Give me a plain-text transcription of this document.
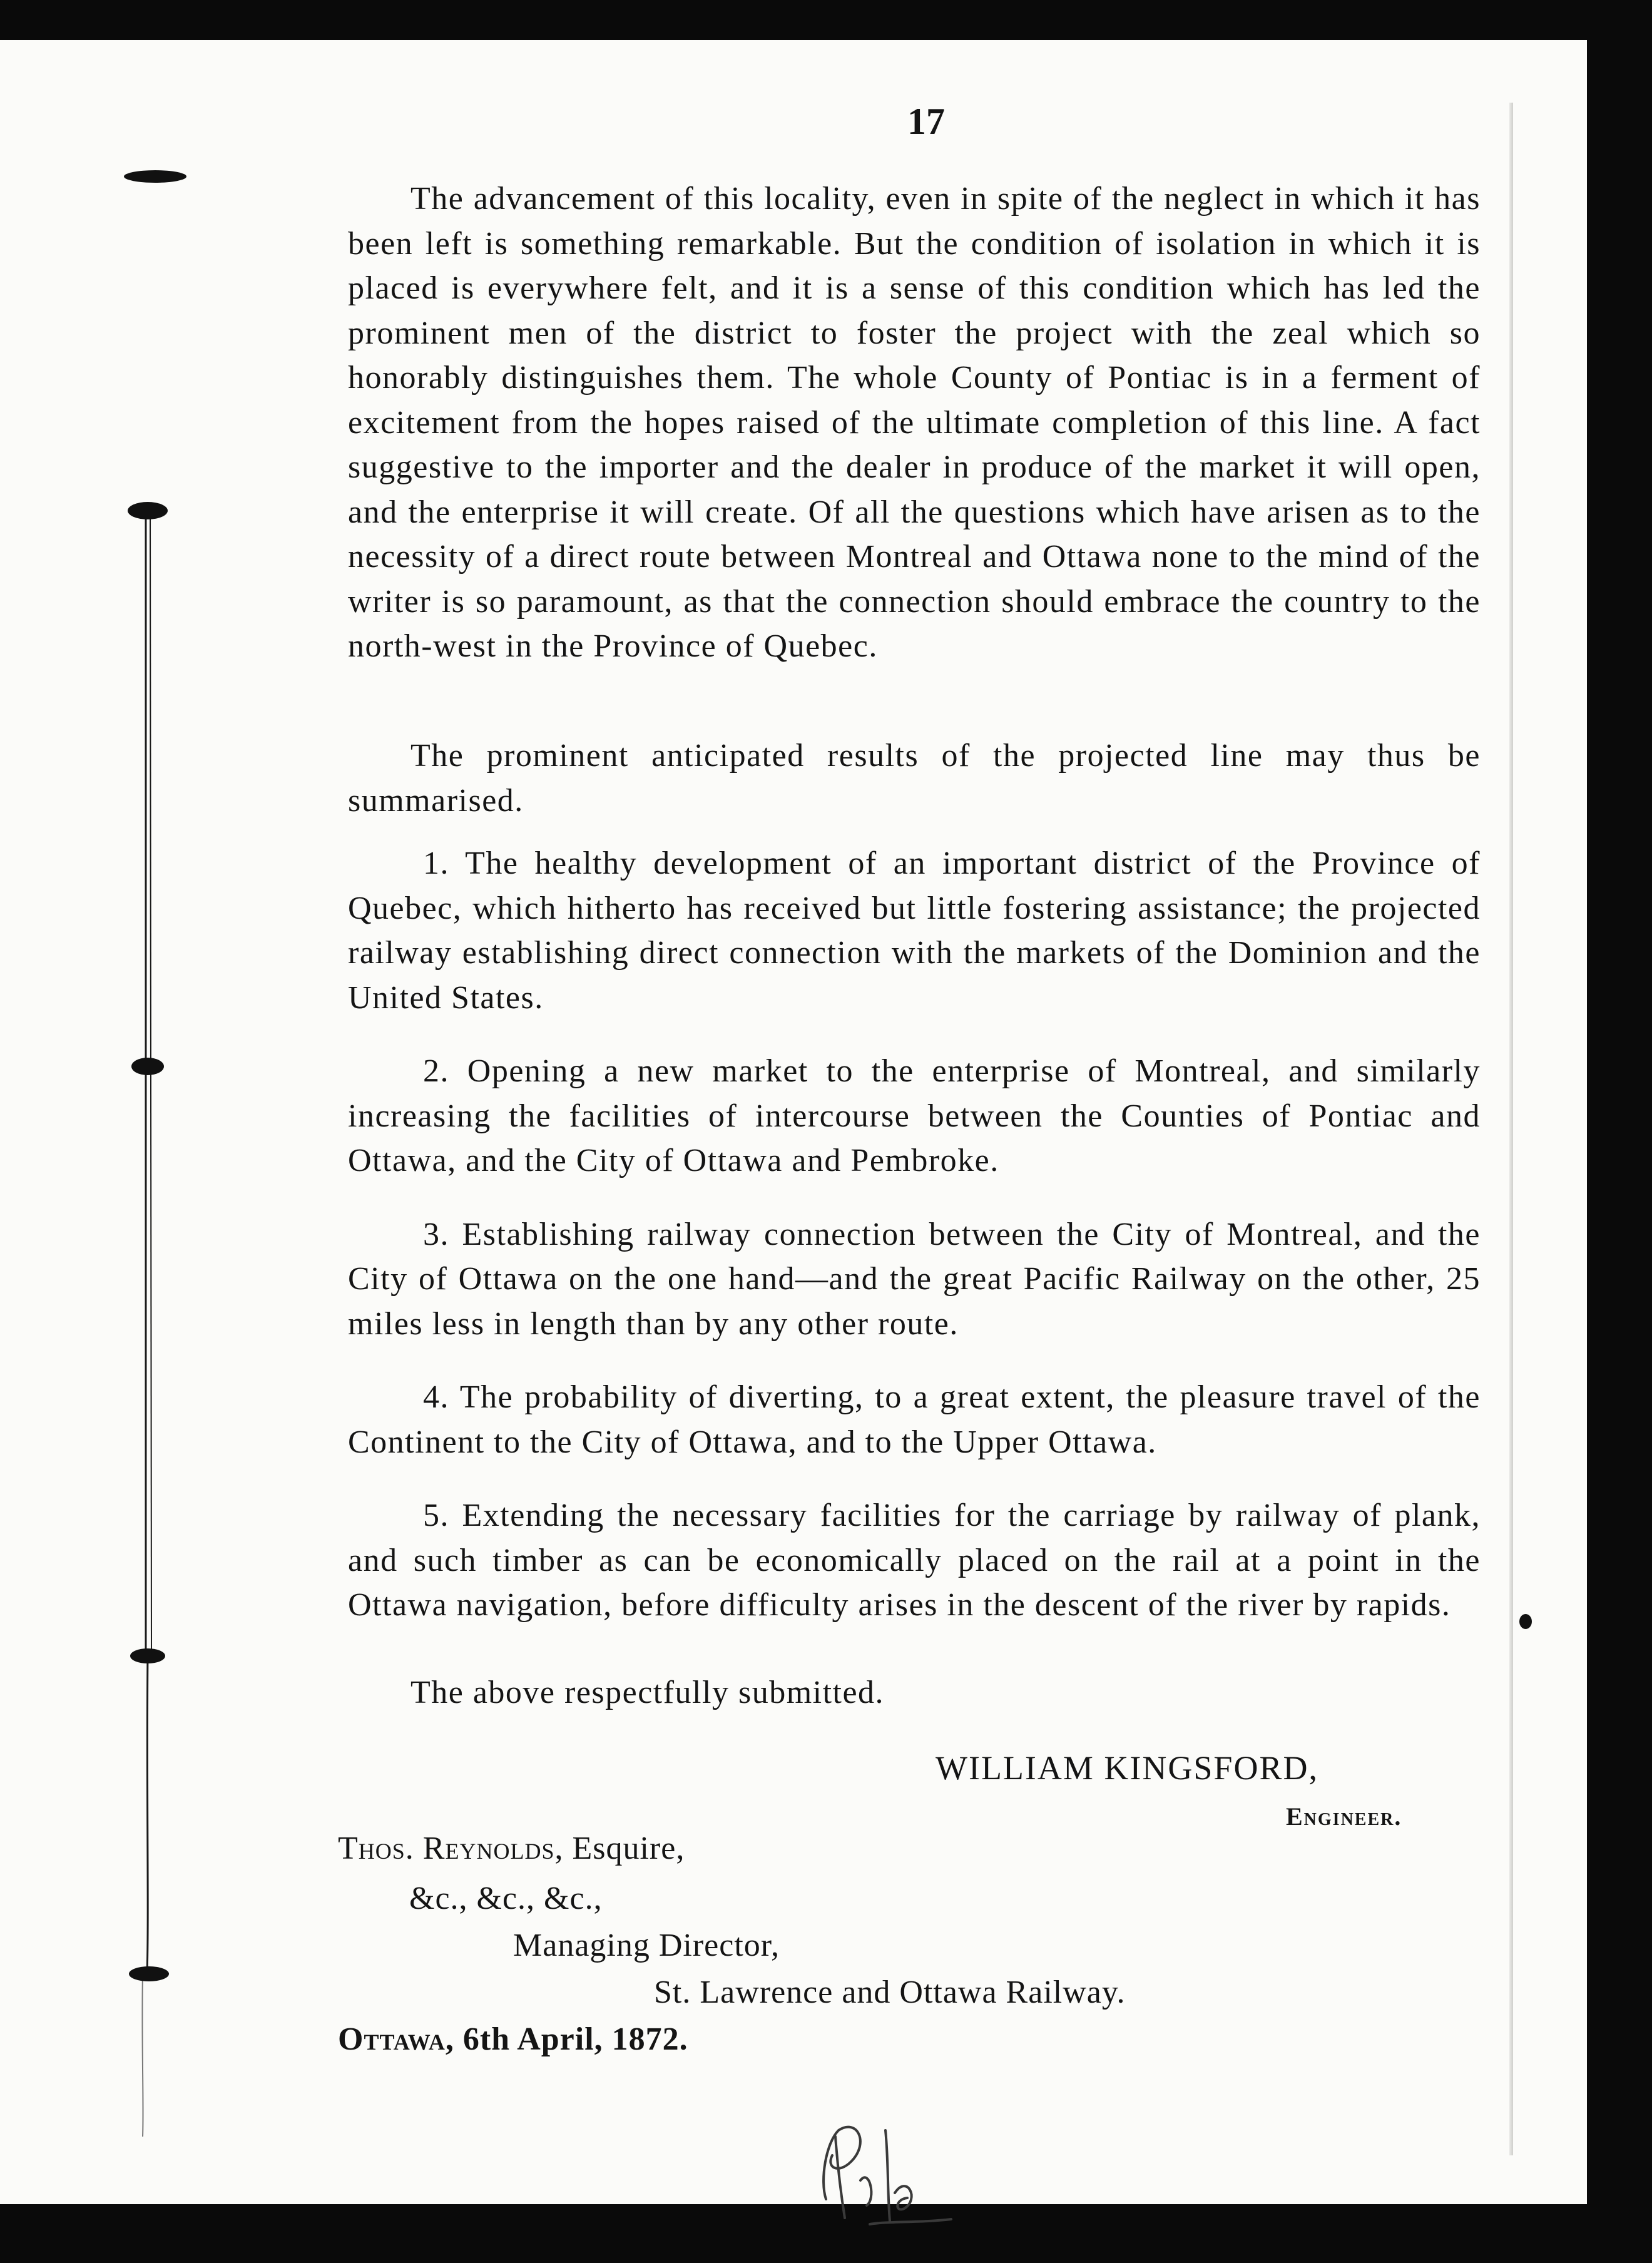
17

The advancement of this locality, even in spite of the neglect in which it has been left is something remarkable. But the condition of isolation in which it is placed is everywhere felt, and it is a sense of this condition which has led the prominent men of the district to foster the project with the zeal which so honorably distinguishes them. The whole County of Pontiac is in a ferment of excitement from the hopes raised of the ultimate completion of this line. A fact suggestive to the importer and the dealer in produce of the market it will open, and the enterprise it will create. Of all the questions which have arisen as to the necessity of a direct route between Montreal and Ottawa none to the mind of the writer is so paramount, as that the connection should embrace the country to the north-west in the Province of Quebec.

The prominent anticipated results of the projected line may thus be summarised.

1. The healthy development of an important district of the Province of Quebec, which hitherto has received but little fostering assistance; the projected railway establishing direct connection with the markets of the Dominion and the United States.
2. Opening a new market to the enterprise of Montreal, and similarly increasing the facilities of intercourse between the Counties of Pontiac and Ottawa, and the City of Ottawa and Pembroke.
3. Establishing railway connection between the City of Montreal, and the City of Ottawa on the one hand—and the great Pacific Railway on the other, 25 miles less in length than by any other route.
4. The probability of diverting, to a great extent, the pleasure travel of the Continent to the City of Ottawa, and to the Upper Ottawa.
5. Extending the necessary facilities for the carriage by railway of plank, and such timber as can be economically placed on the rail at a point in the Ottawa navigation, before difficulty arises in the descent of the river by rapids.

The above respectfully submitted.

WILLIAM KINGSFORD,

Engineer.

Thos. Reynolds, Esquire,

&c., &c., &c.,

Managing Director,

St. Lawrence and Ottawa Railway.

Ottawa, 6th April, 1872.
